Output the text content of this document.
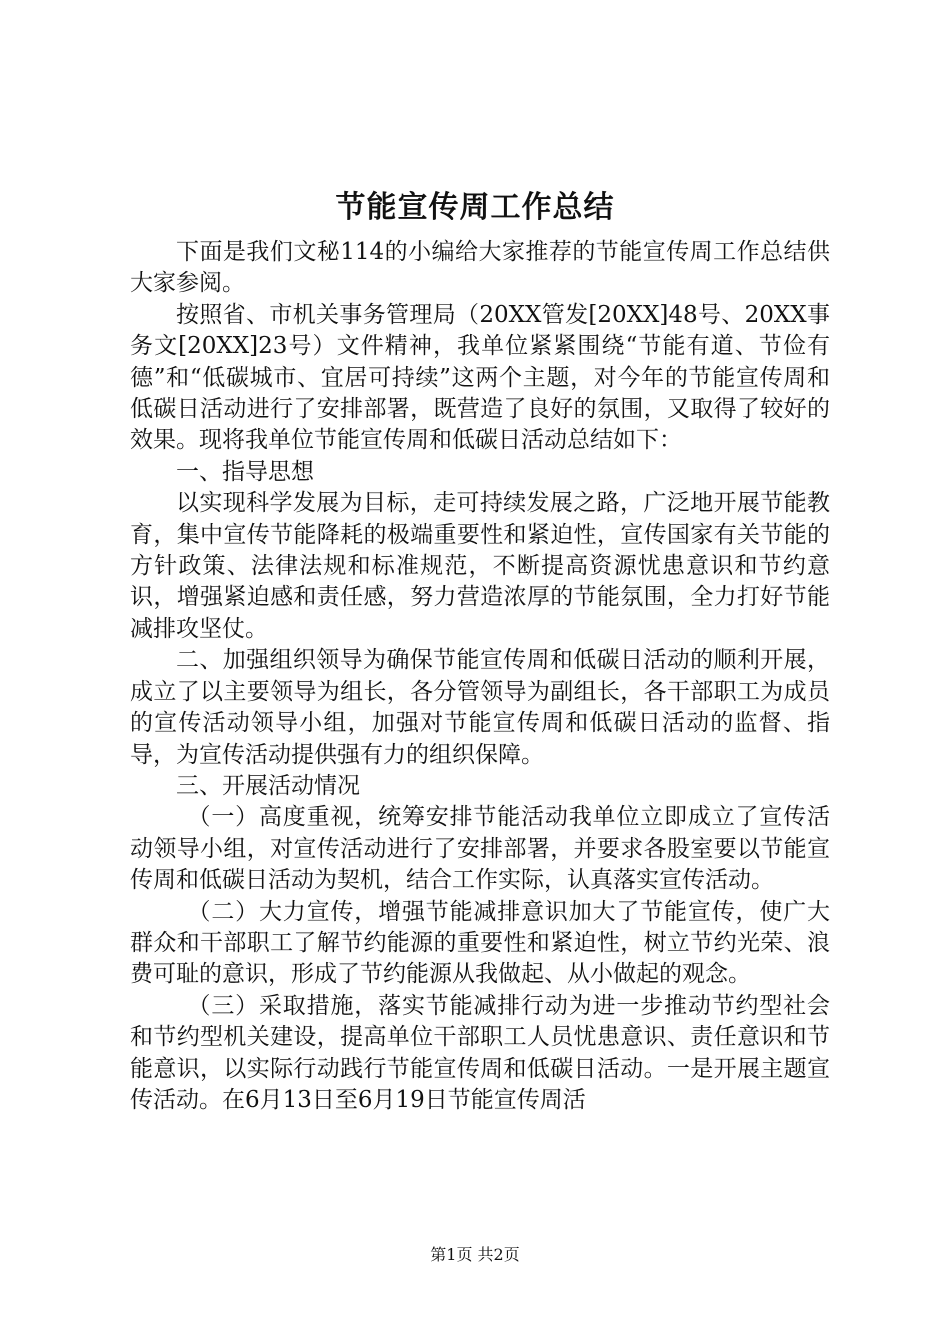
节能宣传周工作总结

下面是我们文秘114的小编给大家推荐的节能宣传周工作总结供大家参阅。

按照省、市机关事务管理局（20XX管发[20XX]48号、20XX事务文[20XX]23号）文件精神，我单位紧紧围绕“节能有道、节俭有德”和“低碳城市、宜居可持续”这两个主题，对今年的节能宣传周和低碳日活动进行了安排部署，既营造了良好的氛围，又取得了较好的效果。现将我单位节能宣传周和低碳日活动总结如下：

一、指导思想

以实现科学发展为目标，走可持续发展之路，广泛地开展节能教育，集中宣传节能降耗的极端重要性和紧迫性，宣传国家有关节能的方针政策、法律法规和标准规范，不断提高资源忧患意识和节约意识，增强紧迫感和责任感，努力营造浓厚的节能氛围，全力打好节能减排攻坚仗。

二、加强组织领导为确保节能宣传周和低碳日活动的顺利开展，成立了以主要领导为组长，各分管领导为副组长，各干部职工为成员的宣传活动领导小组，加强对节能宣传周和低碳日活动的监督、指导，为宣传活动提供强有力的组织保障。

三、开展活动情况

（一）高度重视，统筹安排节能活动我单位立即成立了宣传活动领导小组，对宣传活动进行了安排部署，并要求各股室要以节能宣传周和低碳日活动为契机，结合工作实际，认真落实宣传活动。

（二）大力宣传，增强节能减排意识加大了节能宣传，使广大群众和干部职工了解节约能源的重要性和紧迫性，树立节约光荣、浪费可耻的意识，形成了节约能源从我做起、从小做起的观念。

（三）采取措施，落实节能减排行动为进一步推动节约型社会和节约型机关建设，提高单位干部职工人员忧患意识、责任意识和节能意识，以实际行动践行节能宣传周和低碳日活动。一是开展主题宣传活动。在6月13日至6月19日节能宣传周活

第1页 共2页
